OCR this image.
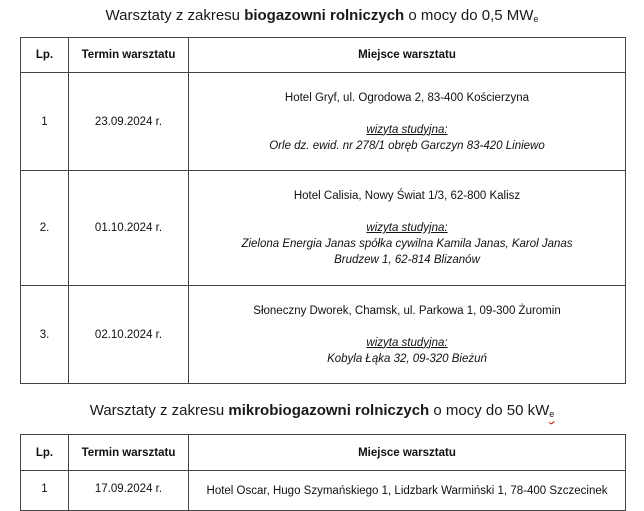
Warsztaty z zakresu biogazowni rolniczych o mocy do 0,5 $MW_e$
Lp.	Termin warsztatu	Miejsce warsztatu
1	23.09.2024 r.	Hotel Gryf, ul. Ogrodowa 2, 83-400 Kościerzyna
wizyta studyjna:
Orle dz. ewid. nr 278/1 obręb Garczyn 83-420 Liniewo

2.	01.10.2024 r.	Hotel Calisia, Nowy Świat 1/3, 62-800 Kalisz
wizyta studyjna:
Zielona Energia Janas spółka cywilna Kamila Janas, Karol Janas
Brudzew 1, 62-814 Blizanów

3.	02.10.2024 r.	Słoneczny Dworek, Chamsk, ul. Parkowa 1, 09-300 Żuromin
wizyta studyjna:
Kobyla Łąka 32, 09-320 Bieżuń
Warsztaty z zakresu mikrobiogazowni rolniczych o mocy do 50 $kW_e$
Lp.	Termin warsztatu	Miejsce warsztatu
1	17.09.2024 r.	Hotel Oscar, Hugo Szymańskiego 1, Lidzbark Warmiński 1, 78-400 Szczecinek
